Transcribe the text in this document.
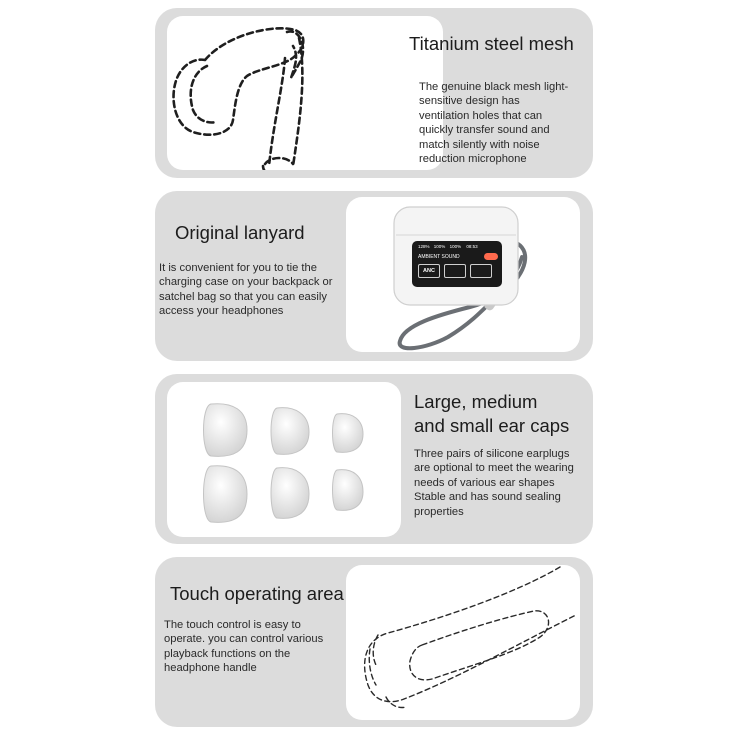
Titanium steel mesh
The genuine black mesh light-sensitive design has ventilation holes that can quickly transfer sound and match silently with noise reduction microphone
Original lanyard
It is convenient for you to tie the charging case on your backpack or satchel bag so that you can easily access your headphones
128% 100% 100% 08:53
AMBIENT SOUND
ANC
Large, medium
and small ear caps
Three pairs of silicone earplugs are optional to meet the wearing needs of various ear shapes Stable and has sound sealing properties
Touch operating area
The touch control is easy to operate. you can control various playback functions on the headphone handle
